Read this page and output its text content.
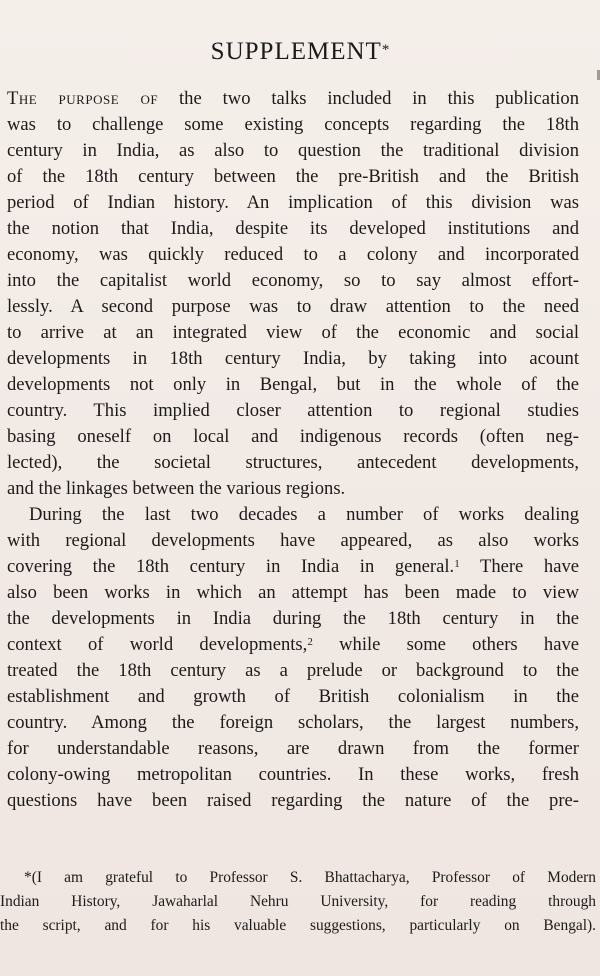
SUPPLEMENT*
The purpose of the two talks included in this publication
was to challenge some existing concepts regarding the 18th
century in India, as also to question the traditional division
of the 18th century between the pre-British and the British
period of Indian history. An implication of this division was
the notion that India, despite its developed institutions and
economy, was quickly reduced to a colony and incorporated
into the capitalist world economy, so to say almost effort-
lessly. A second purpose was to draw attention to the need
to arrive at an integrated view of the economic and social
developments in 18th century India, by taking into acount
developments not only in Bengal, but in the whole of the
country. This implied closer attention to regional studies
basing oneself on local and indigenous records (often neg-
lected), the societal structures, antecedent developments,
and the linkages between the various regions.
During the last two decades a number of works dealing
with regional developments have appeared, as also works
covering the 18th century in India in general.$^1$ There have
also been works in which an attempt has been made to view
the developments in India during the 18th century in the
context of world developments,$^2$ while some others have
treated the 18th century as a prelude or background to the
establishment and growth of British colonialism in the
country. Among the foreign scholars, the largest numbers,
for understandable reasons, are drawn from the former
colony-owing metropolitan countries. In these works, fresh
questions have been raised regarding the nature of the pre-
*(I am grateful to Professor S. Bhattacharya, Professor of Modern
Indian History, Jawaharlal Nehru University, for reading through
the script, and for his valuable suggestions, particularly on Bengal).
